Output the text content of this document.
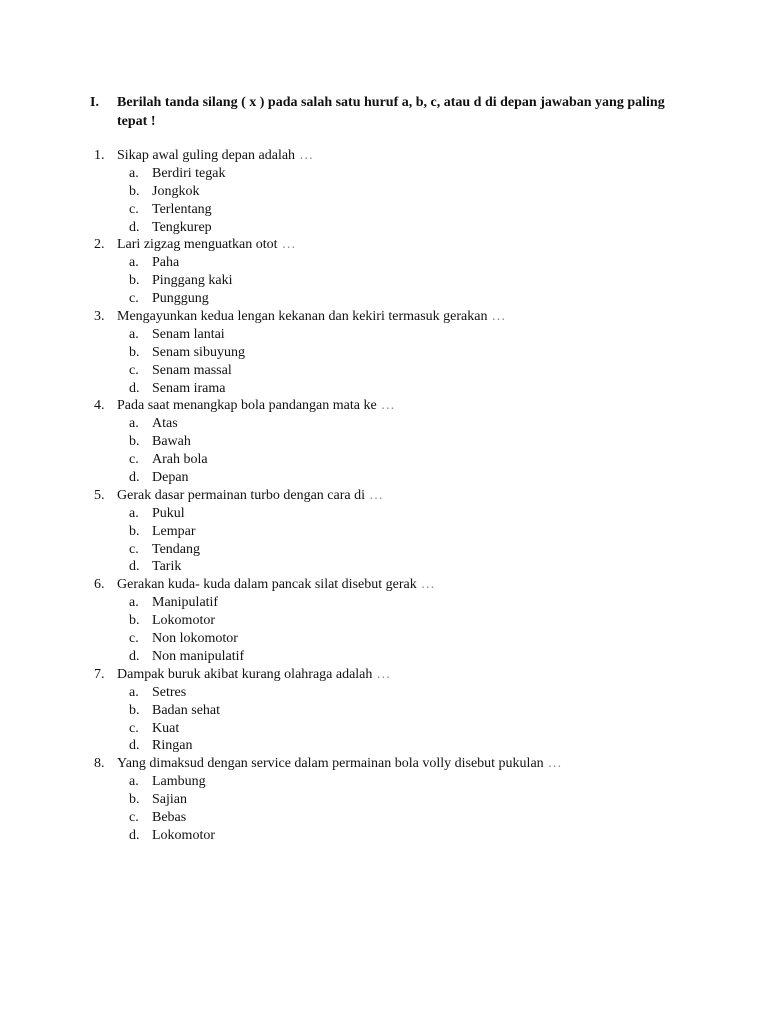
I. Berilah tanda silang ( x ) pada salah satu huruf a, b, c, atau d di depan jawaban yang paling tepat !
1. Sikap awal guling depan adalah …
a. Berdiri tegak
b. Jongkok
c. Terlentang
d. Tengkurep
2. Lari zigzag menguatkan otot …
a. Paha
b. Pinggang kaki
c. Punggung
3. Mengayunkan kedua lengan kekanan dan kekiri termasuk gerakan …
a. Senam lantai
b. Senam sibuyung
c. Senam massal
d. Senam irama
4. Pada saat menangkap bola pandangan mata ke …
a. Atas
b. Bawah
c. Arah bola
d. Depan
5. Gerak dasar permainan turbo dengan cara di …
a. Pukul
b. Lempar
c. Tendang
d. Tarik
6. Gerakan kuda- kuda dalam pancak silat disebut gerak …
a. Manipulatif
b. Lokomotor
c. Non lokomotor
d. Non manipulatif
7. Dampak buruk akibat kurang olahraga adalah …
a. Setres
b. Badan sehat
c. Kuat
d. Ringan
8. Yang dimaksud dengan service dalam permainan bola volly disebut pukulan …
a. Lambung
b. Sajian
c. Bebas
d. Lokomotor
